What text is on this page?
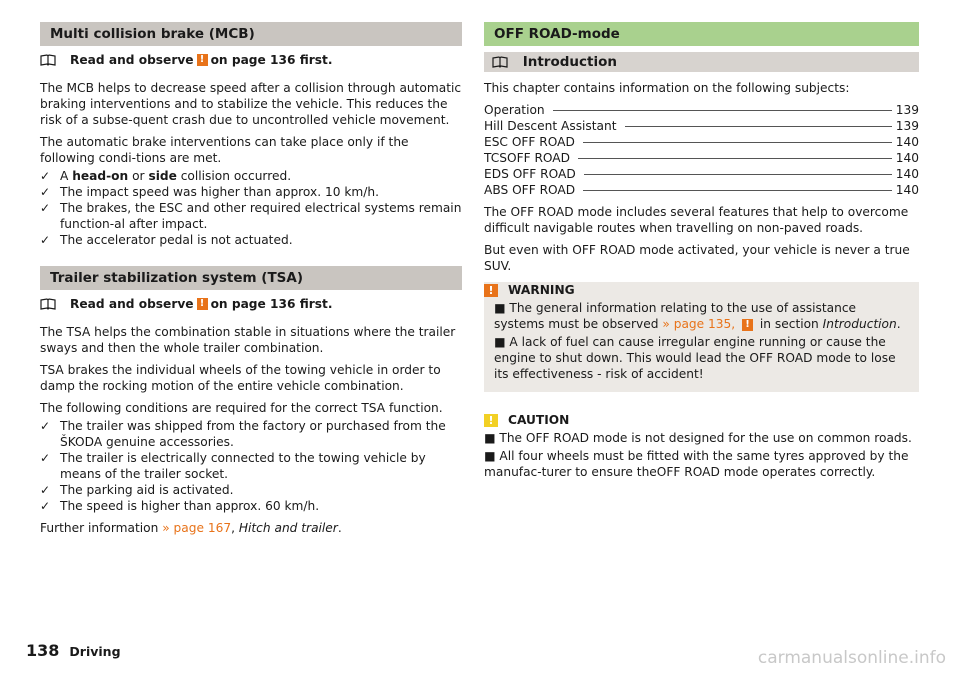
Multi collision brake (MCB)
Read and observe ! on page 136 first.

The MCB helps to decrease speed after a collision through automatic braking interventions and to stabilize the vehicle. This reduces the risk of a subse-quent crash due to uncontrolled vehicle movement.

The automatic brake interventions can take place only if the following condi-tions are met.

✓ A head-on or side collision occurred.
✓ The impact speed was higher than approx. 10 km/h.
✓ The brakes, the ESC and other required electrical systems remain function-al after impact.
✓ The accelerator pedal is not actuated.
Trailer stabilization system (TSA)
Read and observe ! on page 136 first.

The TSA helps the combination stable in situations where the trailer sways and then the whole trailer combination.

TSA brakes the individual wheels of the towing vehicle in order to damp the rocking motion of the entire vehicle combination.

The following conditions are required for the correct TSA function.

✓ The trailer was shipped from the factory or purchased from the ŠKODA genuine accessories.
✓ The trailer is electrically connected to the towing vehicle by means of the trailer socket.
✓ The parking aid is activated.
✓ The speed is higher than approx. 60 km/h.

Further information » page 167, Hitch and trailer.

OFF ROAD-mode
Introduction

This chapter contains information on the following subjects:

Operation	139
Hill Descent Assistant	139
ESC OFF ROAD	140
TCSOFF ROAD	140
EDS OFF ROAD	140
ABS OFF ROAD	140

The OFF ROAD mode includes several features that help to overcome difficult navigable routes when travelling on non-paved roads.

But even with OFF ROAD mode activated, your vehicle is never a true SUV.

!	WARNING
■ The general information relating to the use of assistance systems must be observed » page 135, ! in section Introduction.
■ A lack of fuel can cause irregular engine running or cause the engine to shut down. This would lead the OFF ROAD mode to lose its effectiveness - risk of accident!
!	CAUTION
■ The OFF ROAD mode is not designed for the use on common roads.
■ All four wheels must be fitted with the same tyres approved by the manufac-turer to ensure theOFF ROAD mode operates correctly.
138 Driving	carmanualsonline.info
